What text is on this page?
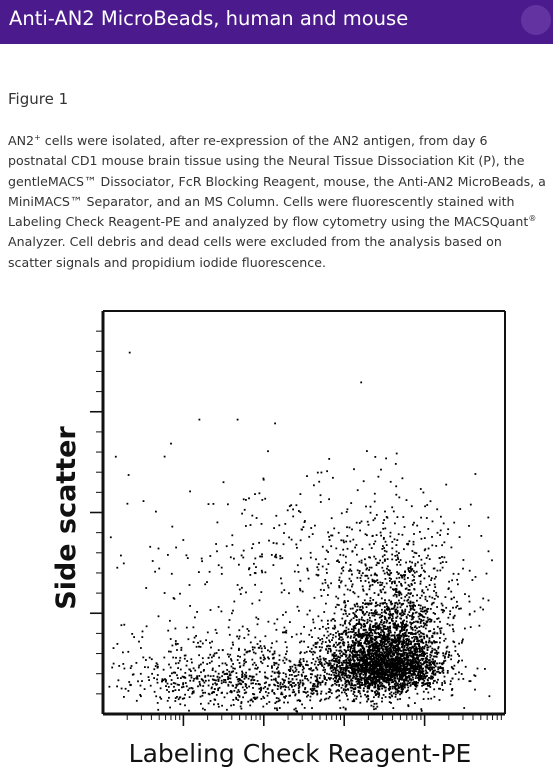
Anti-AN2 MicroBeads, human and mouse
Figure 1
AN2+ cells were isolated, after re-expression of the AN2 antigen, from day 6 postnatal CD1 mouse brain tissue using the Neural Tissue Dissociation Kit (P), the gentleMACS™ Dissociator, FcR Blocking Reagent, mouse, the Anti-AN2 MicroBeads, a MiniMACS™ Separator, and an MS Column. Cells were fluorescently stained with Labeling Check Reagent-PE and analyzed by flow cytometry using the MACSQuant® Analyzer. Cell debris and dead cells were excluded from the analysis based on scatter signals and propidium iodide fluorescence.
Side scatter
Labeling Check Reagent-PE
